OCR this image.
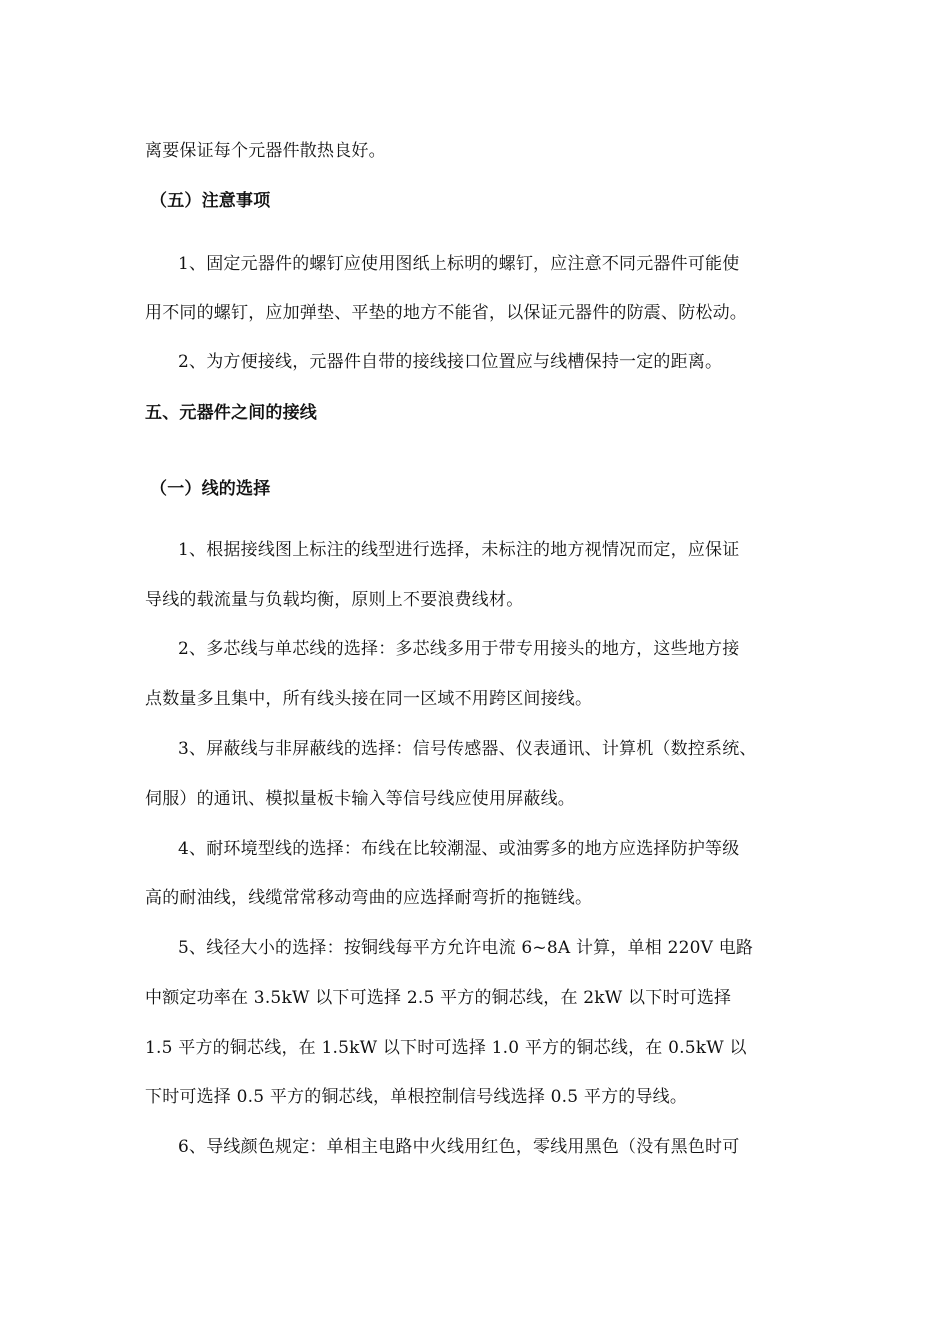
离要保证每个元器件散热良好。
（五）注意事项
1、固定元器件的螺钉应使用图纸上标明的螺钉，应注意不同元器件可能使
用不同的螺钉，应加弹垫、平垫的地方不能省，以保证元器件的防震、防松动。
2、为方便接线，元器件自带的接线接口位置应与线槽保持一定的距离。
五、元器件之间的接线
（一）线的选择
1、根据接线图上标注的线型进行选择，未标注的地方视情况而定，应保证
导线的载流量与负载均衡，原则上不要浪费线材。
2、多芯线与单芯线的选择：多芯线多用于带专用接头的地方，这些地方接
点数量多且集中，所有线头接在同一区域不用跨区间接线。
3、屏蔽线与非屏蔽线的选择：信号传感器、仪表通讯、计算机（数控系统、
伺服）的通讯、模拟量板卡输入等信号线应使用屏蔽线。
4、耐环境型线的选择：布线在比较潮湿、或油雾多的地方应选择防护等级
高的耐油线，线缆常常移动弯曲的应选择耐弯折的拖链线。
5、线径大小的选择：按铜线每平方允许电流 6~8A 计算，单相 220V 电路
中额定功率在 3.5kW 以下可选择 2.5 平方的铜芯线，在 2kW 以下时可选择
1.5 平方的铜芯线，在 1.5kW 以下时可选择 1.0 平方的铜芯线，在 0.5kW 以
下时可选择 0.5 平方的铜芯线，单根控制信号线选择 0.5 平方的导线。
6、导线颜色规定：单相主电路中火线用红色，零线用黑色（没有黑色时可
